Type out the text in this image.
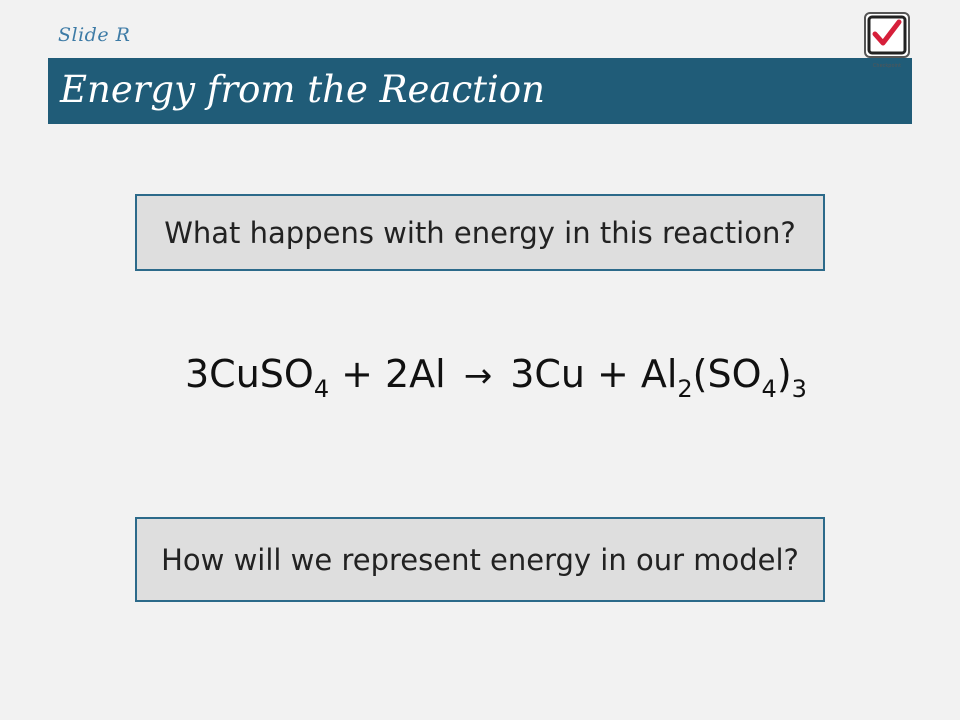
Slide R
Energy from the Reaction
Checkpoint
What happens with energy in this reaction?
3CuSO$_4$ + $2Al \to 3Cu + Al_2(SO_4)_3$
How will we represent energy in our model?
